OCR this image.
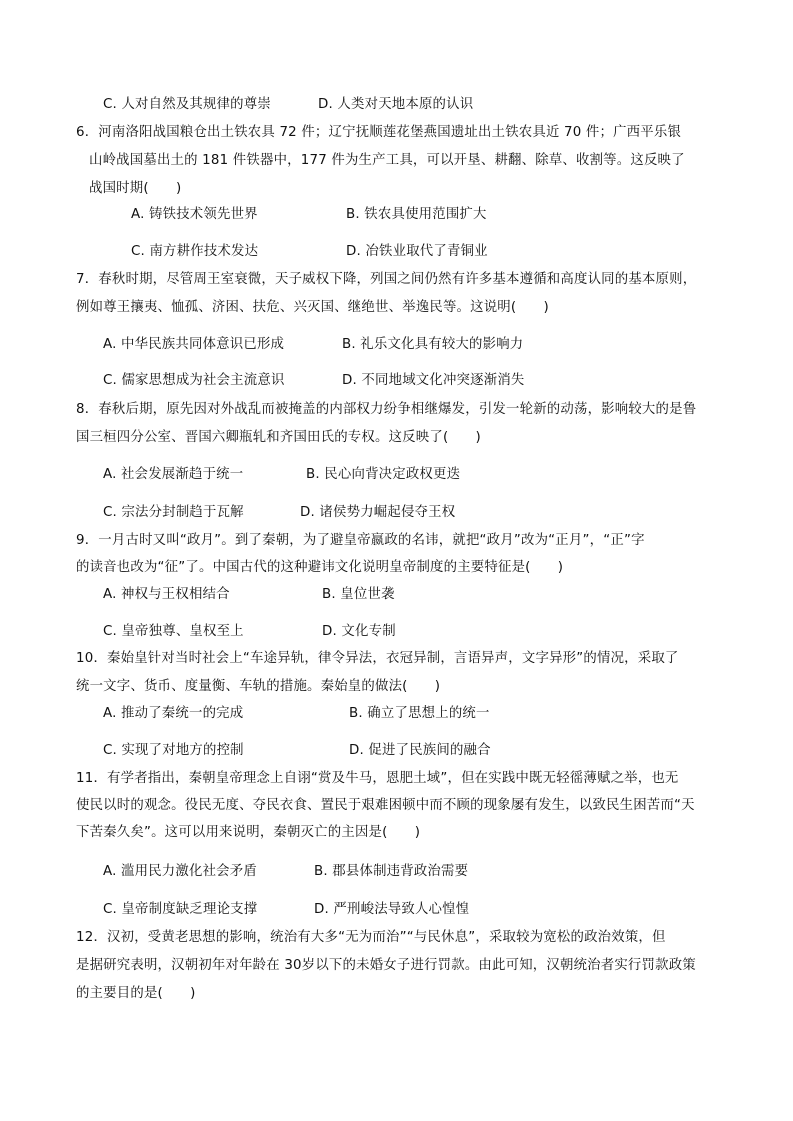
C. 人对自然及其规律的尊崇	D. 人类对天地本原的认识
6．河南洛阳战国粮仓出土铁农具 72 件；辽宁抚顺莲花堡燕国遗址出土铁农具近 70 件；广西平乐银
山岭战国墓出土的 181 件铁器中，177 件为生产工具，可以开垦、耕翻、除草、收割等。这反映了
战国时期(　　)
A. 铸铁技术领先世界	B. 铁农具使用范围扩大
C. 南方耕作技术发达	D. 冶铁业取代了青铜业
7．春秋时期，尽管周王室衰微，天子威权下降，列国之间仍然有许多基本遵循和高度认同的基本原则，
例如尊王攘夷、恤孤、济困、扶危、兴灭国、继绝世、举逸民等。这说明(　　)
A. 中华民族共同体意识已形成	B. 礼乐文化具有较大的影响力
C. 儒家思想成为社会主流意识	D. 不同地域文化冲突逐渐消失
8．春秋后期，原先因对外战乱而被掩盖的内部权力纷争相继爆发，引发一轮新的动荡，影响较大的是鲁
国三桓四分公室、晋国六卿瓶轧和齐国田氏的专权。这反映了(　　)
A. 社会发展渐趋于统一	B. 民心向背决定政权更迭
C. 宗法分封制趋于瓦解	D. 诸侯势力崛起侵夺王权
9．一月古时又叫“政月”。到了秦朝，为了避皇帝嬴政的名讳，就把“政月”改为“正月”，“正”字
的读音也改为“征”了。中国古代的这种避讳文化说明皇帝制度的主要特征是(　　)
A. 神权与王权相结合	B. 皇位世袭
C. 皇帝独尊、皇权至上	D. 文化专制
10．秦始皇针对当时社会上“车途异轨，律令异法，衣冠异制，言语异声，文字异形”的情况，采取了
统一文字、货币、度量衡、车轨的措施。秦始皇的做法(　　)
A. 推动了秦统一的完成	B. 确立了思想上的统一
C. 实现了对地方的控制	D. 促进了民族间的融合
11．有学者指出，秦朝皇帝理念上自诩“赏及牛马，恩肥土域”，但在实践中既无轻徭薄赋之举，也无
使民以时的观念。役民无度、夺民衣食、置民于艰难困顿中而不顾的现象屡有发生，以致民生困苦而“天
下苦秦久矣”。这可以用来说明，秦朝灭亡的主因是(　　)
A. 滥用民力激化社会矛盾	B. 郡县体制违背政治需要
C. 皇帝制度缺乏理论支撑	D. 严刑峻法导致人心惶惶
12．汉初，受黄老思想的影响，统治有大多“无为而治”“与民休息”，采取较为宽松的政治效策，但
是据研究表明，汉朝初年对年龄在 30岁以下的未婚女子进行罚款。由此可知，汉朝统治者实行罚款政策
的主要目的是(　　)
